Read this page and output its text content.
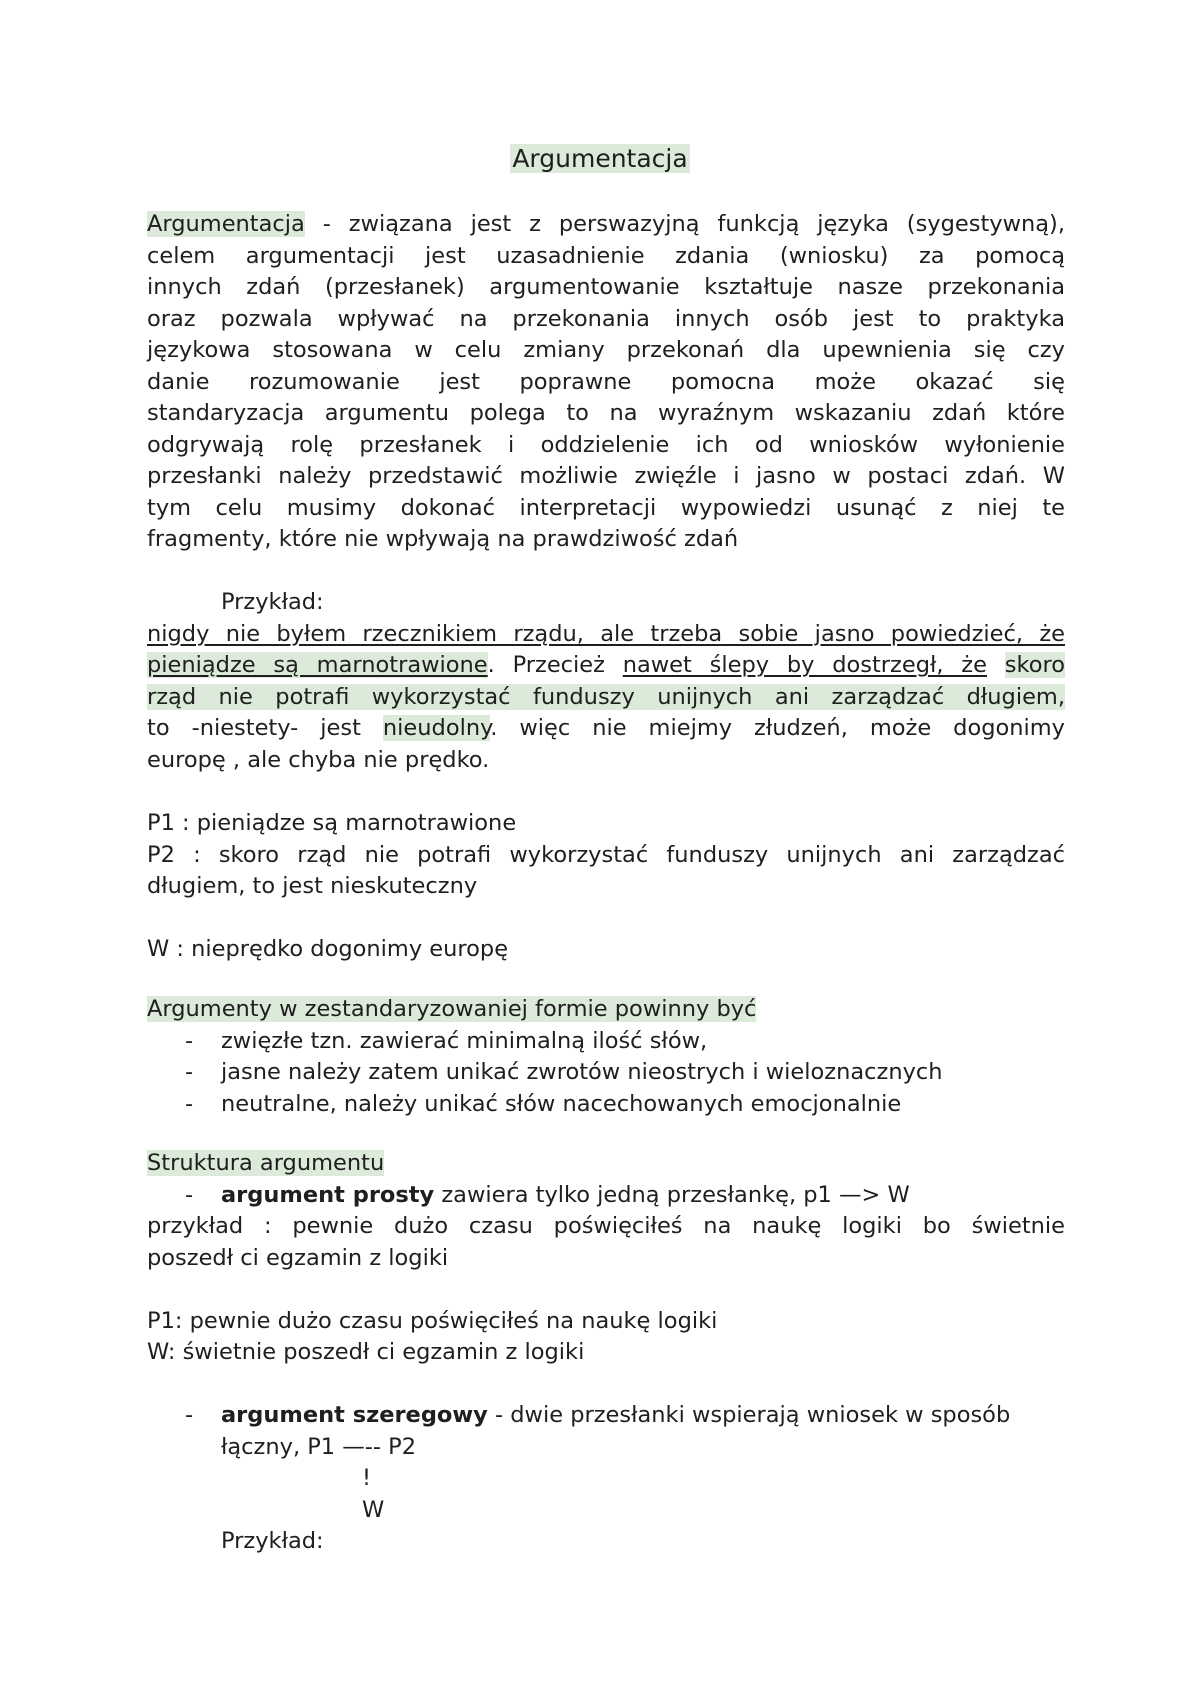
Argumentacja
Argumentacja - związana jest z perswazyjną funkcją języka (sygestywną),
celem argumentacji jest uzasadnienie zdania (wniosku) za pomocą
innych zdań (przesłanek) argumentowanie kształtuje nasze przekonania
oraz pozwala wpływać na przekonania innych osób jest to praktyka
językowa stosowana w celu zmiany przekonań dla upewnienia się czy
danie rozumowanie jest poprawne pomocna może okazać się
standaryzacja argumentu polega to na wyraźnym wskazaniu zdań które
odgrywają rolę przesłanek i oddzielenie ich od wniosków wyłonienie
przesłanki należy przedstawić możliwie zwięźle i jasno w postaci zdań. W
tym celu musimy dokonać interpretacji wypowiedzi usunąć z niej te
fragmenty, które nie wpływają na prawdziwość zdań
Przykład:
nigdy nie byłem rzecznikiem rządu, ale trzeba sobie jasno powiedzieć, że
pieniądze są marnotrawione. Przecież nawet ślepy by dostrzegł, że skoro
rząd nie potrafi wykorzystać funduszy unijnych ani zarządzać długiem,
to -niestety- jest nieudolny. więc nie miejmy złudzeń, może dogonimy
europę , ale chyba nie prędko.
P1 : pieniądze są marnotrawione
P2 : skoro rząd nie potrafi wykorzystać funduszy unijnych ani zarządzać
długiem, to jest nieskuteczny
W : nieprędko dogonimy europę
Argumenty w zestandaryzowaniej formie powinny być
- zwięzłe tzn. zawierać minimalną ilość słów,
- jasne należy zatem unikać zwrotów nieostrych i wieloznacznych
- neutralne, należy unikać słów nacechowanych emocjonalnie
Struktura argumentu
- argument prosty zawiera tylko jedną przesłankę, p1 —> W
przykład : pewnie dużo czasu poświęciłeś na naukę logiki bo świetnie
poszedł ci egzamin z logiki
P1: pewnie dużo czasu poświęciłeś na naukę logiki
W: świetnie poszedł ci egzamin z logiki
- argument szeregowy - dwie przesłanki wspierają wniosek w sposób
łączny, P1 —-- P2
!
W
Przykład:
